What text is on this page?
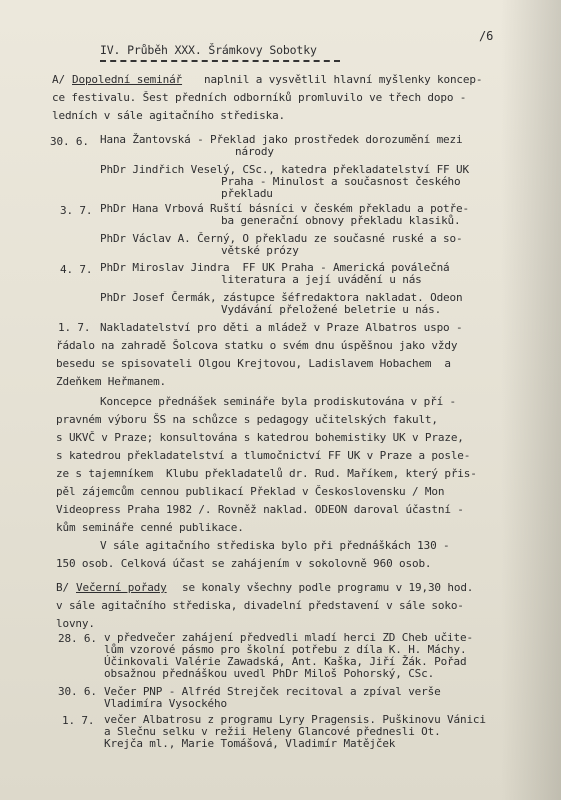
/6

IV. Průběh XXX. Šrámkovy Sobotky

A/ Dopolední seminář naplnil a vysvětlil hlavní myšlenky koncep-

ce festivalu. Šest předních odborníků promluvilo ve třech dopo -

ledních v sále agitačního střediska.

30. 6. Hana Žantovská - Překlad jako prostředek dorozumění mezi

národy

PhDr Jindřich Veselý, CSc., katedra překladatelství FF UK

Praha - Minulost a současnost českého

překladu

3. 7. PhDr Hana Vrbová Ruští básníci v českém překladu a potře-

ba generační obnovy překladu klasiků.

PhDr Václav A. Černý, O překladu ze současné ruské a so-

větské prózy

4. 7. PhDr Miroslav Jindra  FF UK Praha - Americká poválečná

literatura a její uvádění u nás

PhDr Josef Čermák, zástupce šéfredaktora nakladat. Odeon

Vydávání přeložené beletrie u nás.

1. 7. Nakladatelství pro děti a mládež v Praze Albatros uspo -

řádalo na zahradě Šolcova statku o svém dnu úspěšnou jako vždy

besedu se spisovateli Olgou Krejtovou, Ladislavem Hobachem  a

Zdeňkem Heřmanem.

Koncepce přednášek semináře byla prodiskutována v pří -

pravném výboru ŠS na schůzce s pedagogy učitelských fakult,

s UKVČ v Praze; konsultována s katedrou bohemistiky UK v Praze,

s katedrou překladatelství a tlumočnictví FF UK v Praze a posle-

ze s tajemníkem  Klubu překladatelů dr. Rud. Maříkem, který přis-

pěl zájemcům cennou publikací Překlad v Československu / Mon

Videopress Praha 1982 /. Rovněž naklad. ODEON daroval účastní -

kům semináře cenné publikace.

V sále agitačního střediska bylo při přednáškách 130 -

150 osob. Celková účast se zahájením v sokolovně 960 osob.

B/ Večerní pořady se konaly všechny podle programu v 19,30 hod.

v sále agitačního střediska, divadelní představení v sále soko-

lovny.

28. 6. v předvečer zahájení předvedli mladí herci ZD Cheb učite-

lům vzorové pásmo pro školní potřebu z díla K. H. Máchy.

Účinkovali Valérie Zawadská, Ant. Kaška, Jiří Žák. Pořad

obsažnou přednáškou uvedl PhDr Miloš Pohorský, CSc.

30. 6. Večer PNP - Alfréd Strejček recitoval a zpíval verše

Vladimíra Vysockého

1. 7. večer Albatrosu z programu Lyry Pragensis. Puškinovu Vánici

a Slečnu selku v režii Heleny Glancové přednesli Ot.

Krejča ml., Marie Tomášová, Vladimír Matějček
